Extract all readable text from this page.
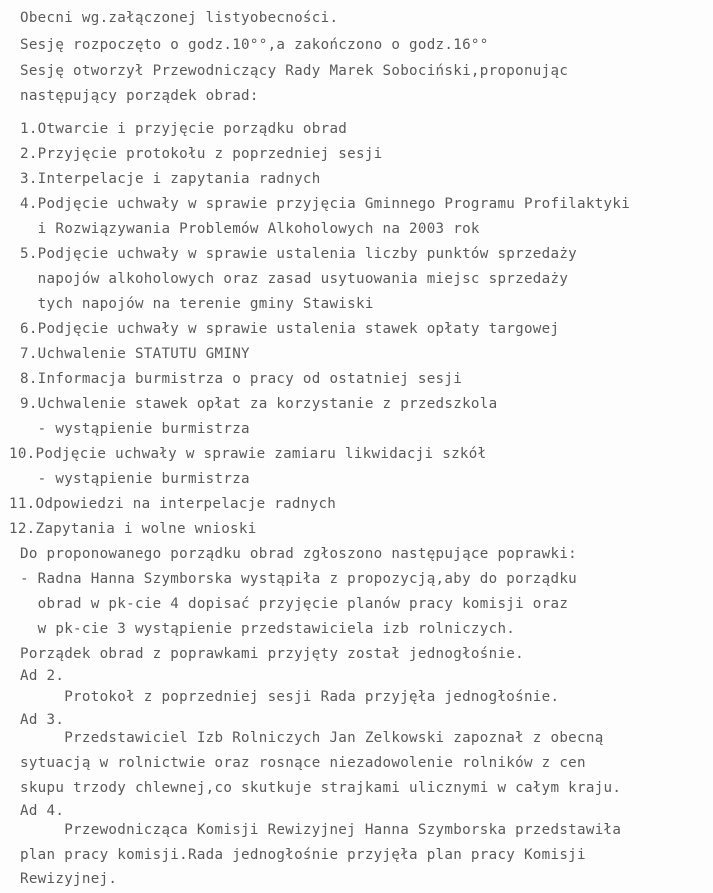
Obecni wg.załączonej listyobecności.
Sesję rozpoczęto o godz.10°°,a zakończono o godz.16°°
Sesję otworzył Przewodniczący Rady Marek Sobociński,proponując
następujący porządek obrad:
1.Otwarcie i przyjęcie porządku obrad
2.Przyjęcie protokołu z poprzedniej sesji
3.Interpelacje i zapytania radnych
4.Podjęcie uchwały w sprawie przyjęcia Gminnego Programu Profilaktyki
i Rozwiązywania Problemów Alkoholowych na 2003 rok
5.Podjęcie uchwały w sprawie ustalenia liczby punktów sprzedaży
napojów alkoholowych oraz zasad usytuowania miejsc sprzedaży
tych napojów na terenie gminy Stawiski
6.Podjęcie uchwały w sprawie ustalenia stawek opłaty targowej
7.Uchwalenie STATUTU GMINY
8.Informacja burmistrza o pracy od ostatniej sesji
9.Uchwalenie stawek opłat za korzystanie z przedszkola
- wystąpienie burmistrza
10.Podjęcie uchwały w sprawie zamiaru likwidacji szkół
- wystąpienie burmistrza
11.Odpowiedzi na interpelacje radnych
12.Zapytania i wolne wnioski
Do proponowanego porządku obrad zgłoszono następujące poprawki:
- Radna Hanna Szymborska wystąpiła z propozycją,aby do porządku
obrad w pk-cie 4 dopisać przyjęcie planów pracy komisji oraz
w pk-cie 3 wystąpienie przedstawiciela izb rolniczych.
Porządek obrad z poprawkami przyjęty został jednogłośnie.
Ad 2.
Protokoł z poprzedniej sesji Rada przyjęła jednogłośnie.
Ad 3.
Przedstawiciel Izb Rolniczych Jan Zelkowski zapoznał z obecną
sytuacją w rolnictwie oraz rosnące niezadowolenie rolników z cen
skupu trzody chlewnej,co skutkuje strajkami ulicznymi w całym kraju.
Ad 4.
Przewodnicząca Komisji Rewizyjnej Hanna Szymborska przedstawiła
plan pracy komisji.Rada jednogłośnie przyjęła plan pracy Komisji
Rewizyjnej.
